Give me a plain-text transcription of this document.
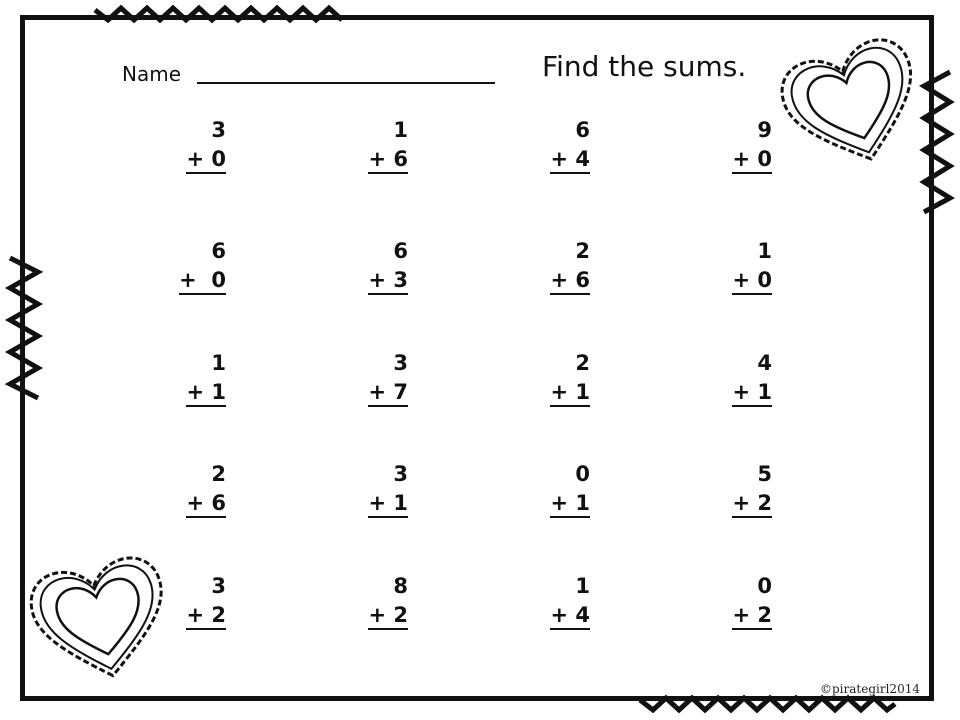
Name	Find the sums.
3
+ 0
1
+ 6
6
+ 4
9
+ 0
6
+  0
6
+ 3
2
+ 6
1
+ 0
1
+ 1
3
+ 7
2
+ 1
4
+ 1
2
+ 6
3
+ 1
0
+ 1
5
+ 2
3
+ 2
8
+ 2
1
+ 4
0
+ 2
©pirategirl2014
